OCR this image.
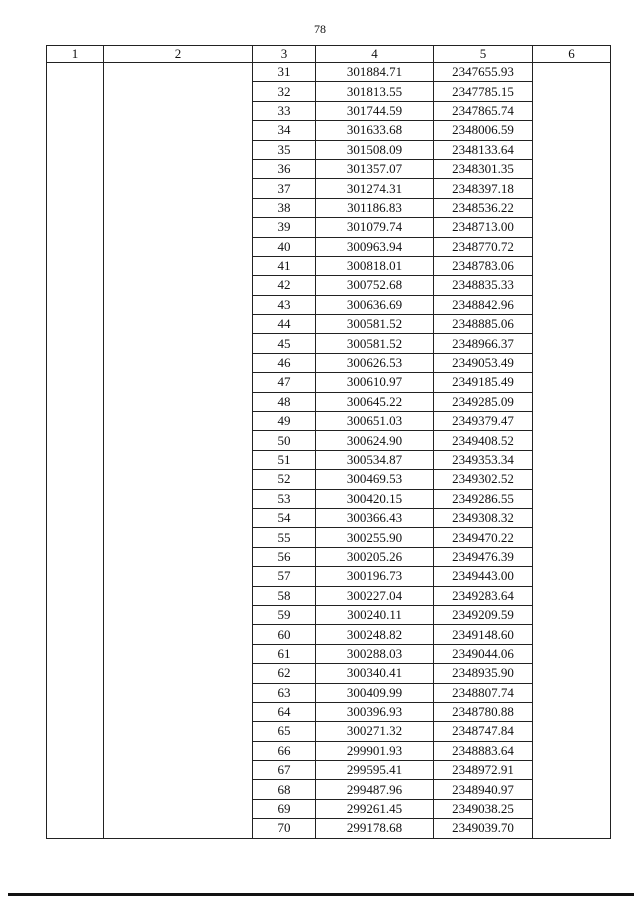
78
1	2	3	4	5	6
		31	301884.71	2347655.93	
		32	301813.55	2347785.15	
		33	301744.59	2347865.74	
		34	301633.68	2348006.59	
		35	301508.09	2348133.64	
		36	301357.07	2348301.35	
		37	301274.31	2348397.18	
		38	301186.83	2348536.22	
		39	301079.74	2348713.00	
		40	300963.94	2348770.72	
		41	300818.01	2348783.06	
		42	300752.68	2348835.33	
		43	300636.69	2348842.96	
		44	300581.52	2348885.06	
		45	300581.52	2348966.37	
		46	300626.53	2349053.49	
		47	300610.97	2349185.49	
		48	300645.22	2349285.09	
		49	300651.03	2349379.47	
		50	300624.90	2349408.52	
		51	300534.87	2349353.34	
		52	300469.53	2349302.52	
		53	300420.15	2349286.55	
		54	300366.43	2349308.32	
		55	300255.90	2349470.22	
		56	300205.26	2349476.39	
		57	300196.73	2349443.00	
		58	300227.04	2349283.64	
		59	300240.11	2349209.59	
		60	300248.82	2349148.60	
		61	300288.03	2349044.06	
		62	300340.41	2348935.90	
		63	300409.99	2348807.74	
		64	300396.93	2348780.88	
		65	300271.32	2348747.84	
		66	299901.93	2348883.64	
		67	299595.41	2348972.91	
		68	299487.96	2348940.97	
		69	299261.45	2349038.25	
		70	299178.68	2349039.70	
